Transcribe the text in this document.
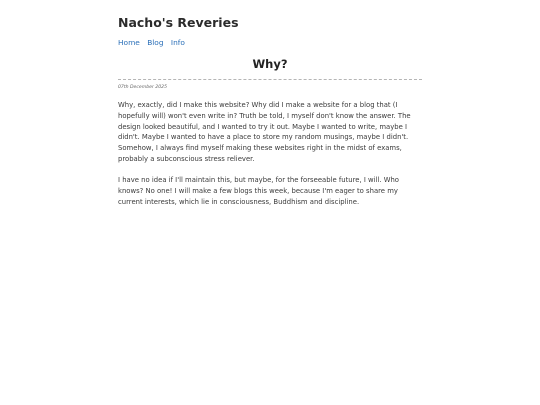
Nacho's Reveries
Home Blog Info
Why?
07th December 2025

Why, exactly, did I make this website? Why did I make a website for a blog that (I hopefully will) won't even write in? Truth be told, I myself don't know the answer. The design looked beautiful, and I wanted to try it out. Maybe I wanted to write, maybe I didn't. Maybe I wanted to have a place to store my random musings, maybe I didn't. Somehow, I always find myself making these websites right in the midst of exams, probably a subconscious stress reliever.

I have no idea if I'll maintain this, but maybe, for the forseeable future, I will. Who knows? No one! I will make a few blogs this week, because I'm eager to share my current interests, which lie in consciousness, Buddhism and discipline.
